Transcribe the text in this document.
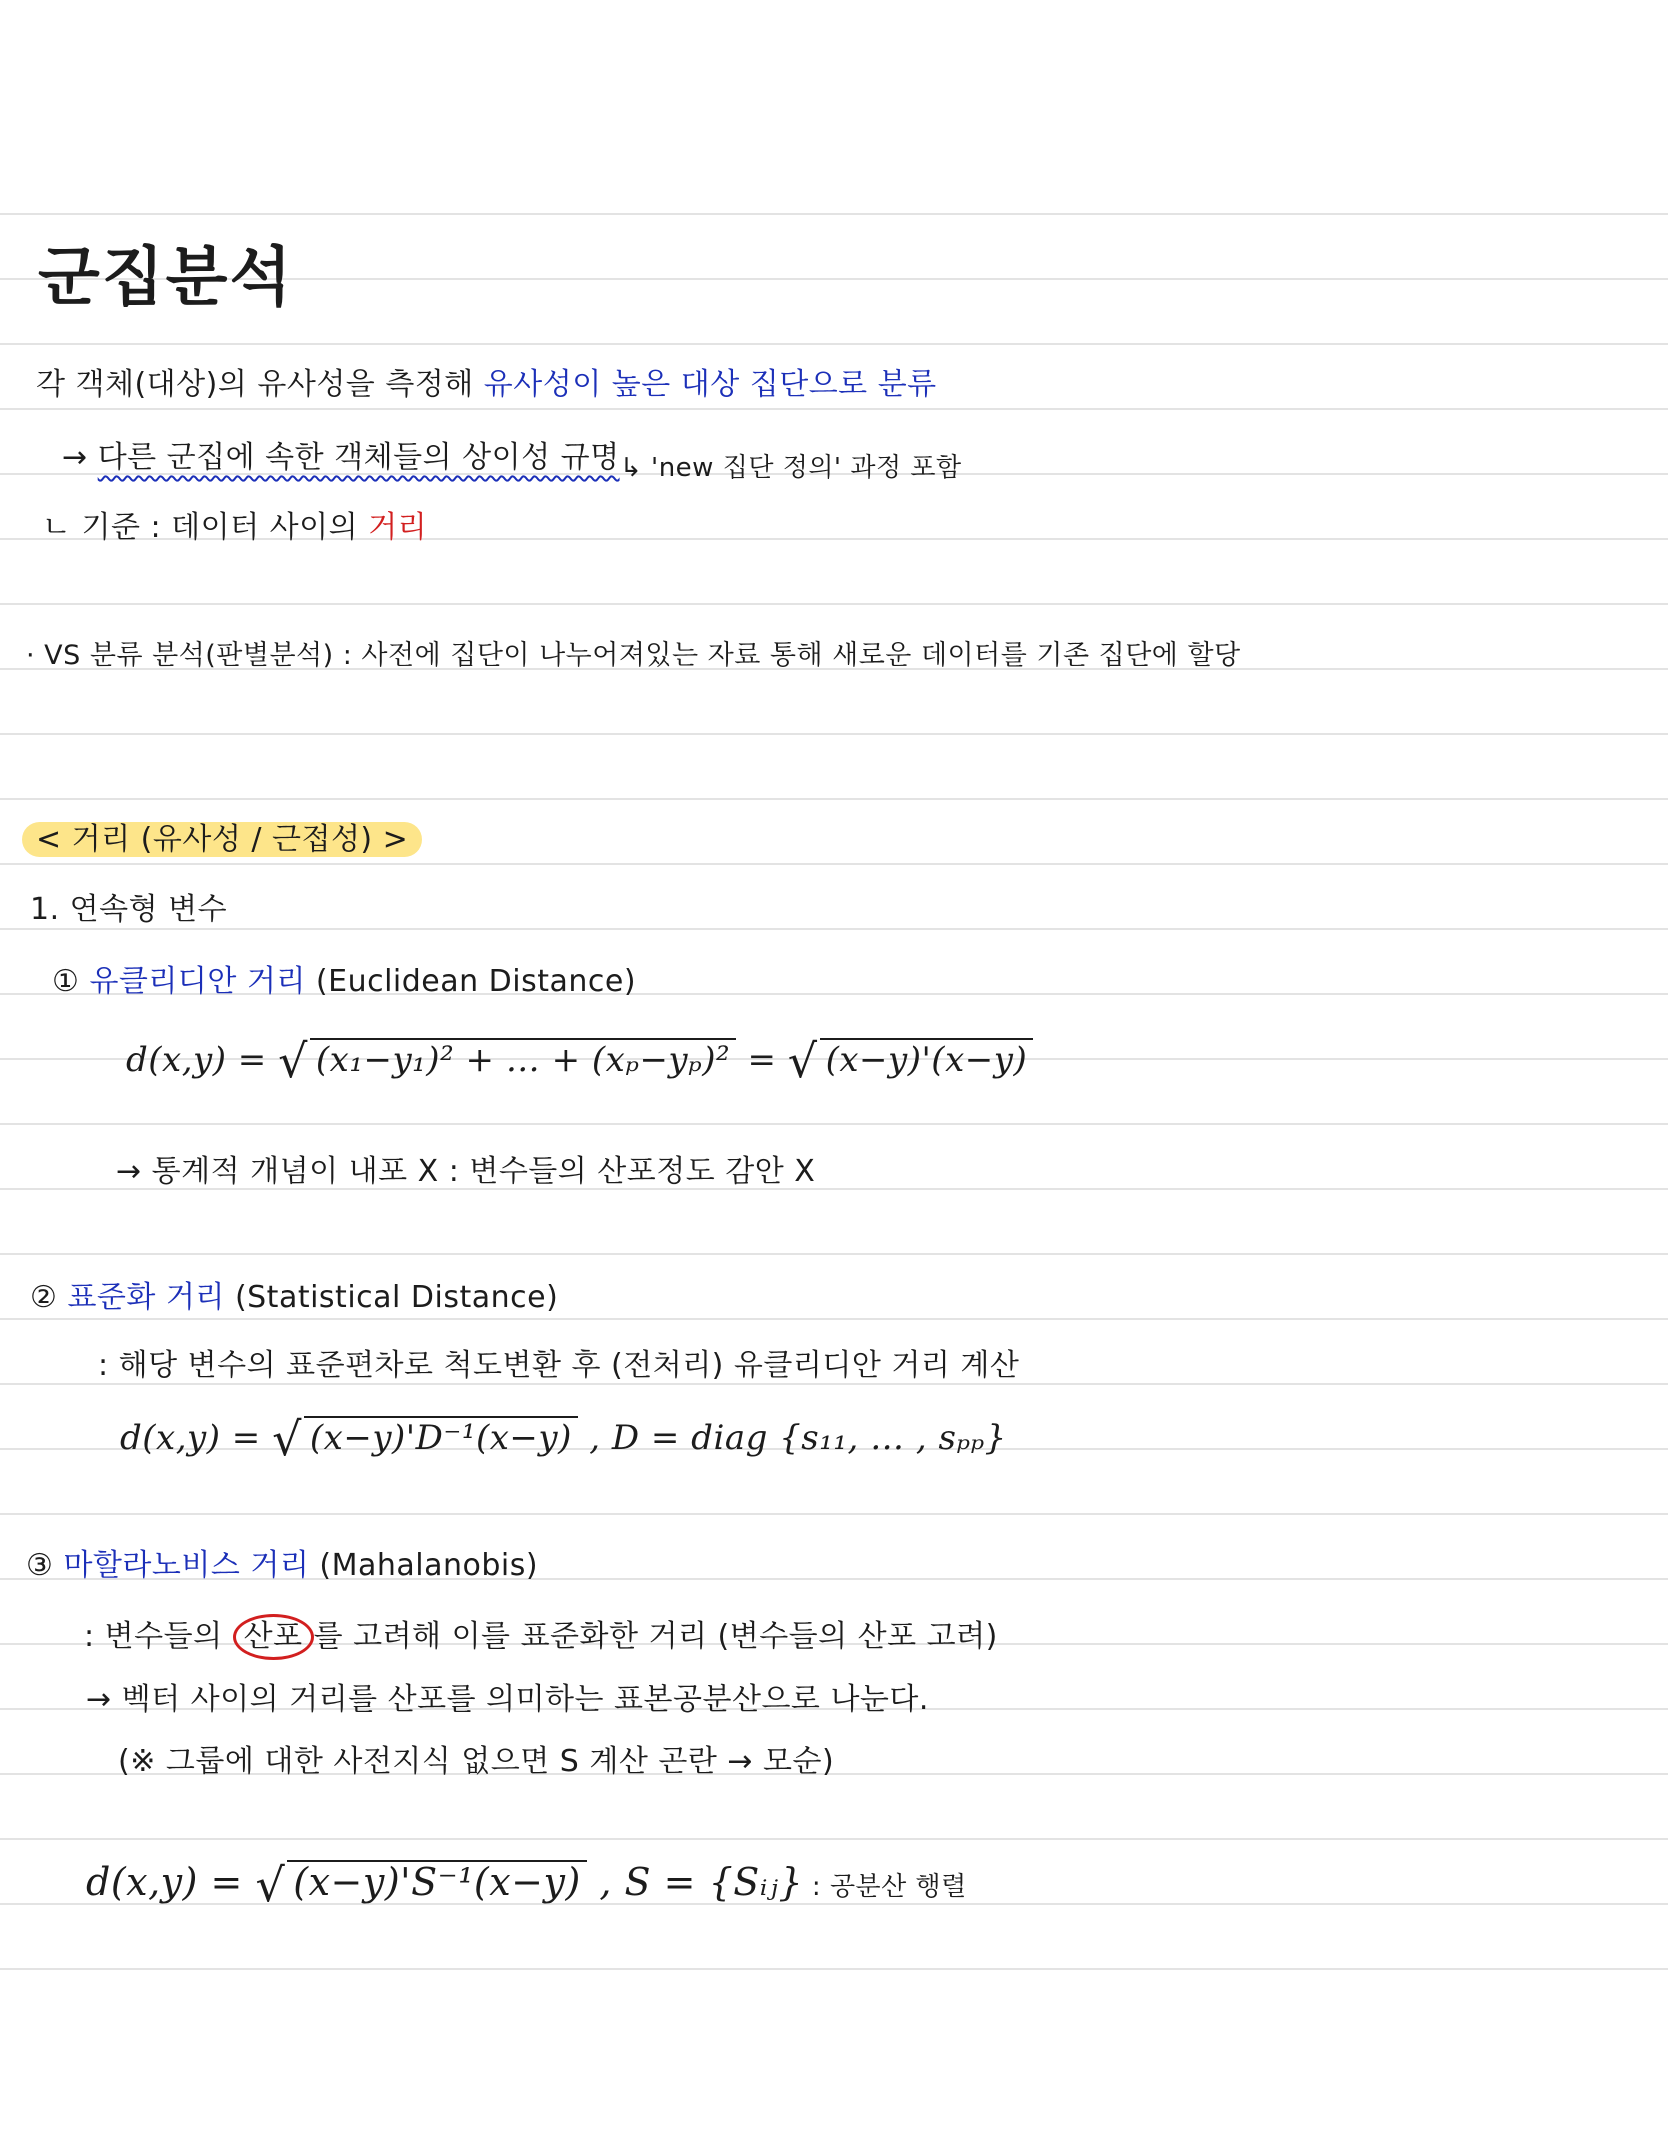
군집분석
각 객체(대상)의 유사성을 측정해 유사성이 높은 대상 집단으로 분류
→ 다른 군집에 속한 객체들의 상이성 규명 ↳ 'new 집단 정의' 과정 포함
ㄴ 기준 : 데이터 사이의 거리
· VS 분류 분석(판별분석) : 사전에 집단이 나누어져있는 자료 통해 새로운 데이터를 기존 집단에 할당
< 거리 (유사성 / 근접성) >
1. 연속형 변수
① 유클리디안 거리 (Euclidean Distance)
d(x,y) = √ (x₁−y₁)² + … + (xₚ−yₚ)² = √ (x−y)'(x−y)
→ 통계적 개념이 내포 X : 변수들의 산포정도 감안 X
② 표준화 거리 (Statistical Distance)
: 해당 변수의 표준편차로 척도변환 후 (전처리) 유클리디안 거리 계산
d(x,y) = √ (x−y)'D⁻¹(x−y) , D = diag {s₁₁, … , sₚₚ}
③ 마할라노비스 거리 (Mahalanobis)
: 변수들의 산포 를 고려해 이를 표준화한 거리 (변수들의 산포 고려)
→ 벡터 사이의 거리를 산포를 의미하는 표본공분산으로 나눈다.
(※ 그룹에 대한 사전지식 없으면 S 계산 곤란 → 모순)
d(x,y) = √ (x−y)'S⁻¹(x−y) , S = {Sᵢⱼ} : 공분산 행렬
